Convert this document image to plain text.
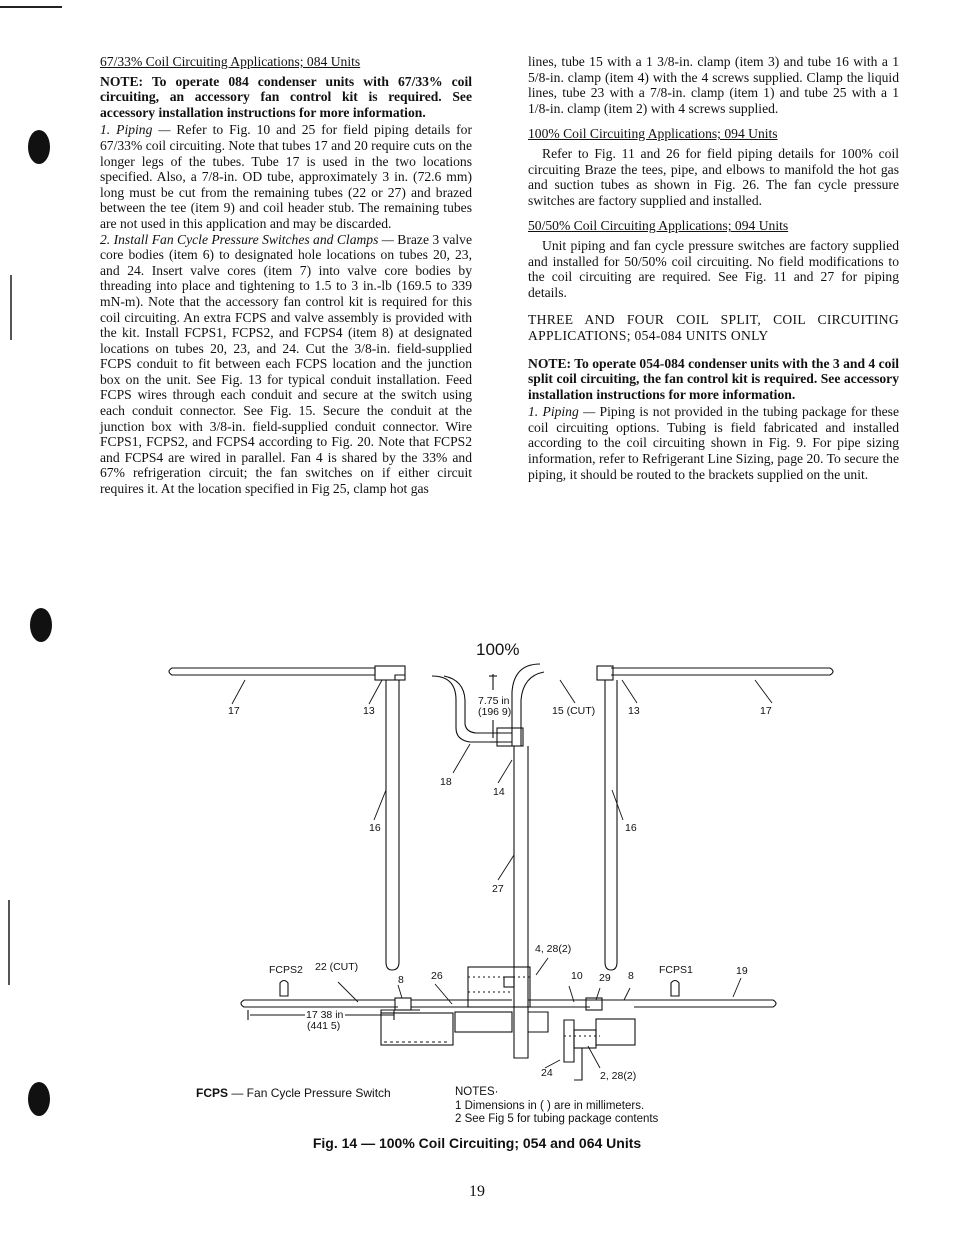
67/33% Coil Circuiting Applications; 084 Units

NOTE: To operate 084 condenser units with 67/33% coil circuiting, an accessory fan control kit is required. See accessory installation instructions for more information.

1. Piping — Refer to Fig. 10 and 25 for field piping details for 67/33% coil circuiting. Note that tubes 17 and 20 require cuts on the longer legs of the tubes. Tube 17 is used in the two locations specified. Also, a 7/8-in. OD tube, approximately 3 in. (72.6 mm) long must be cut from the remaining tubes (22 or 27) and brazed between the tee (item 9) and coil header stub. The remaining tubes are not used in this application and may be discarded.

2. Install Fan Cycle Pressure Switches and Clamps — Braze 3 valve core bodies (item 6) to designated hole locations on tubes 20, 23, and 24. Insert valve cores (item 7) into valve core bodies by threading into place and tightening to 1.5 to 3 in.-lb (169.5 to 339 mN-m). Note that the accessory fan control kit is required for this coil circuiting. An extra FCPS and valve assembly is provided with the kit. Install FCPS1, FCPS2, and FCPS4 (item 8) at designated locations on tubes 20, 23, and 24. Cut the 3/8-in. field-supplied FCPS conduit to fit between each FCPS location and the junction box on the unit. See Fig. 13 for typical conduit installation. Feed FCPS wires through each conduit and secure at the switch using each conduit connector. See Fig. 15. Secure the conduit at the junction box with 3/8-in. field-supplied conduit connector. Wire FCPS1, FCPS2, and FCPS4 according to Fig. 20. Note that FCPS2 and FCPS4 are wired in parallel. Fan 4 is shared by the 33% and 67% refrigeration circuit; the fan switches on if either circuit requires it. At the location specified in Fig 25, clamp hot gas

lines, tube 15 with a 1 3/8-in. clamp (item 3) and tube 16 with a 1 5/8-in. clamp (item 4) with the 4 screws supplied. Clamp the liquid lines, tube 23 with a 7/8-in. clamp (item 1) and tube 25 with a 1 1/8-in. clamp (item 2) with 4 screws supplied.

100% Coil Circuiting Applications; 094 Units

Refer to Fig. 11 and 26 for field piping details for 100% coil circuiting Braze the tees, pipe, and elbows to manifold the hot gas and suction tubes as shown in Fig. 26. The fan cycle pressure switches are factory supplied and installed.

50/50% Coil Circuiting Applications; 094 Units

Unit piping and fan cycle pressure switches are factory supplied and installed for 50/50% coil circuiting. No field modifications to the coil circuiting are required. See Fig. 11 and 27 for piping details.

THREE AND FOUR COIL SPLIT, COIL CIRCUITING APPLICATIONS; 054-084 UNITS ONLY

NOTE: To operate 054-084 condenser units with the 3 and 4 coil split coil circuiting, the fan control kit is required. See accessory installation instructions for more information.

1. Piping — Piping is not provided in the tubing package for these coil circuiting options. Tubing is field fabricated and installed according to the coil circuiting shown in Fig. 9. For pipe sizing information, refer to Refrigerant Line Sizing, page 20. To secure the piping, it should be routed to the brackets supplied on the unit.

100%
17	13
7.75 in
(196 9)	15 (CUT)	13	17
18
14
16	16
27
4, 28(2)
FCPS2 22 (CUT)
8	26	10 29 8 FCPS1	19
17 38 in
(441 5)
24	2, 28(2)
FCPS — Fan Cycle Pressure Switch	NOTES·
1 Dimensions in ( ) are in millimeters.
2 See Fig 5 for tubing package contents
Fig. 14 — 100% Coil Circuiting; 054 and 064 Units
19
